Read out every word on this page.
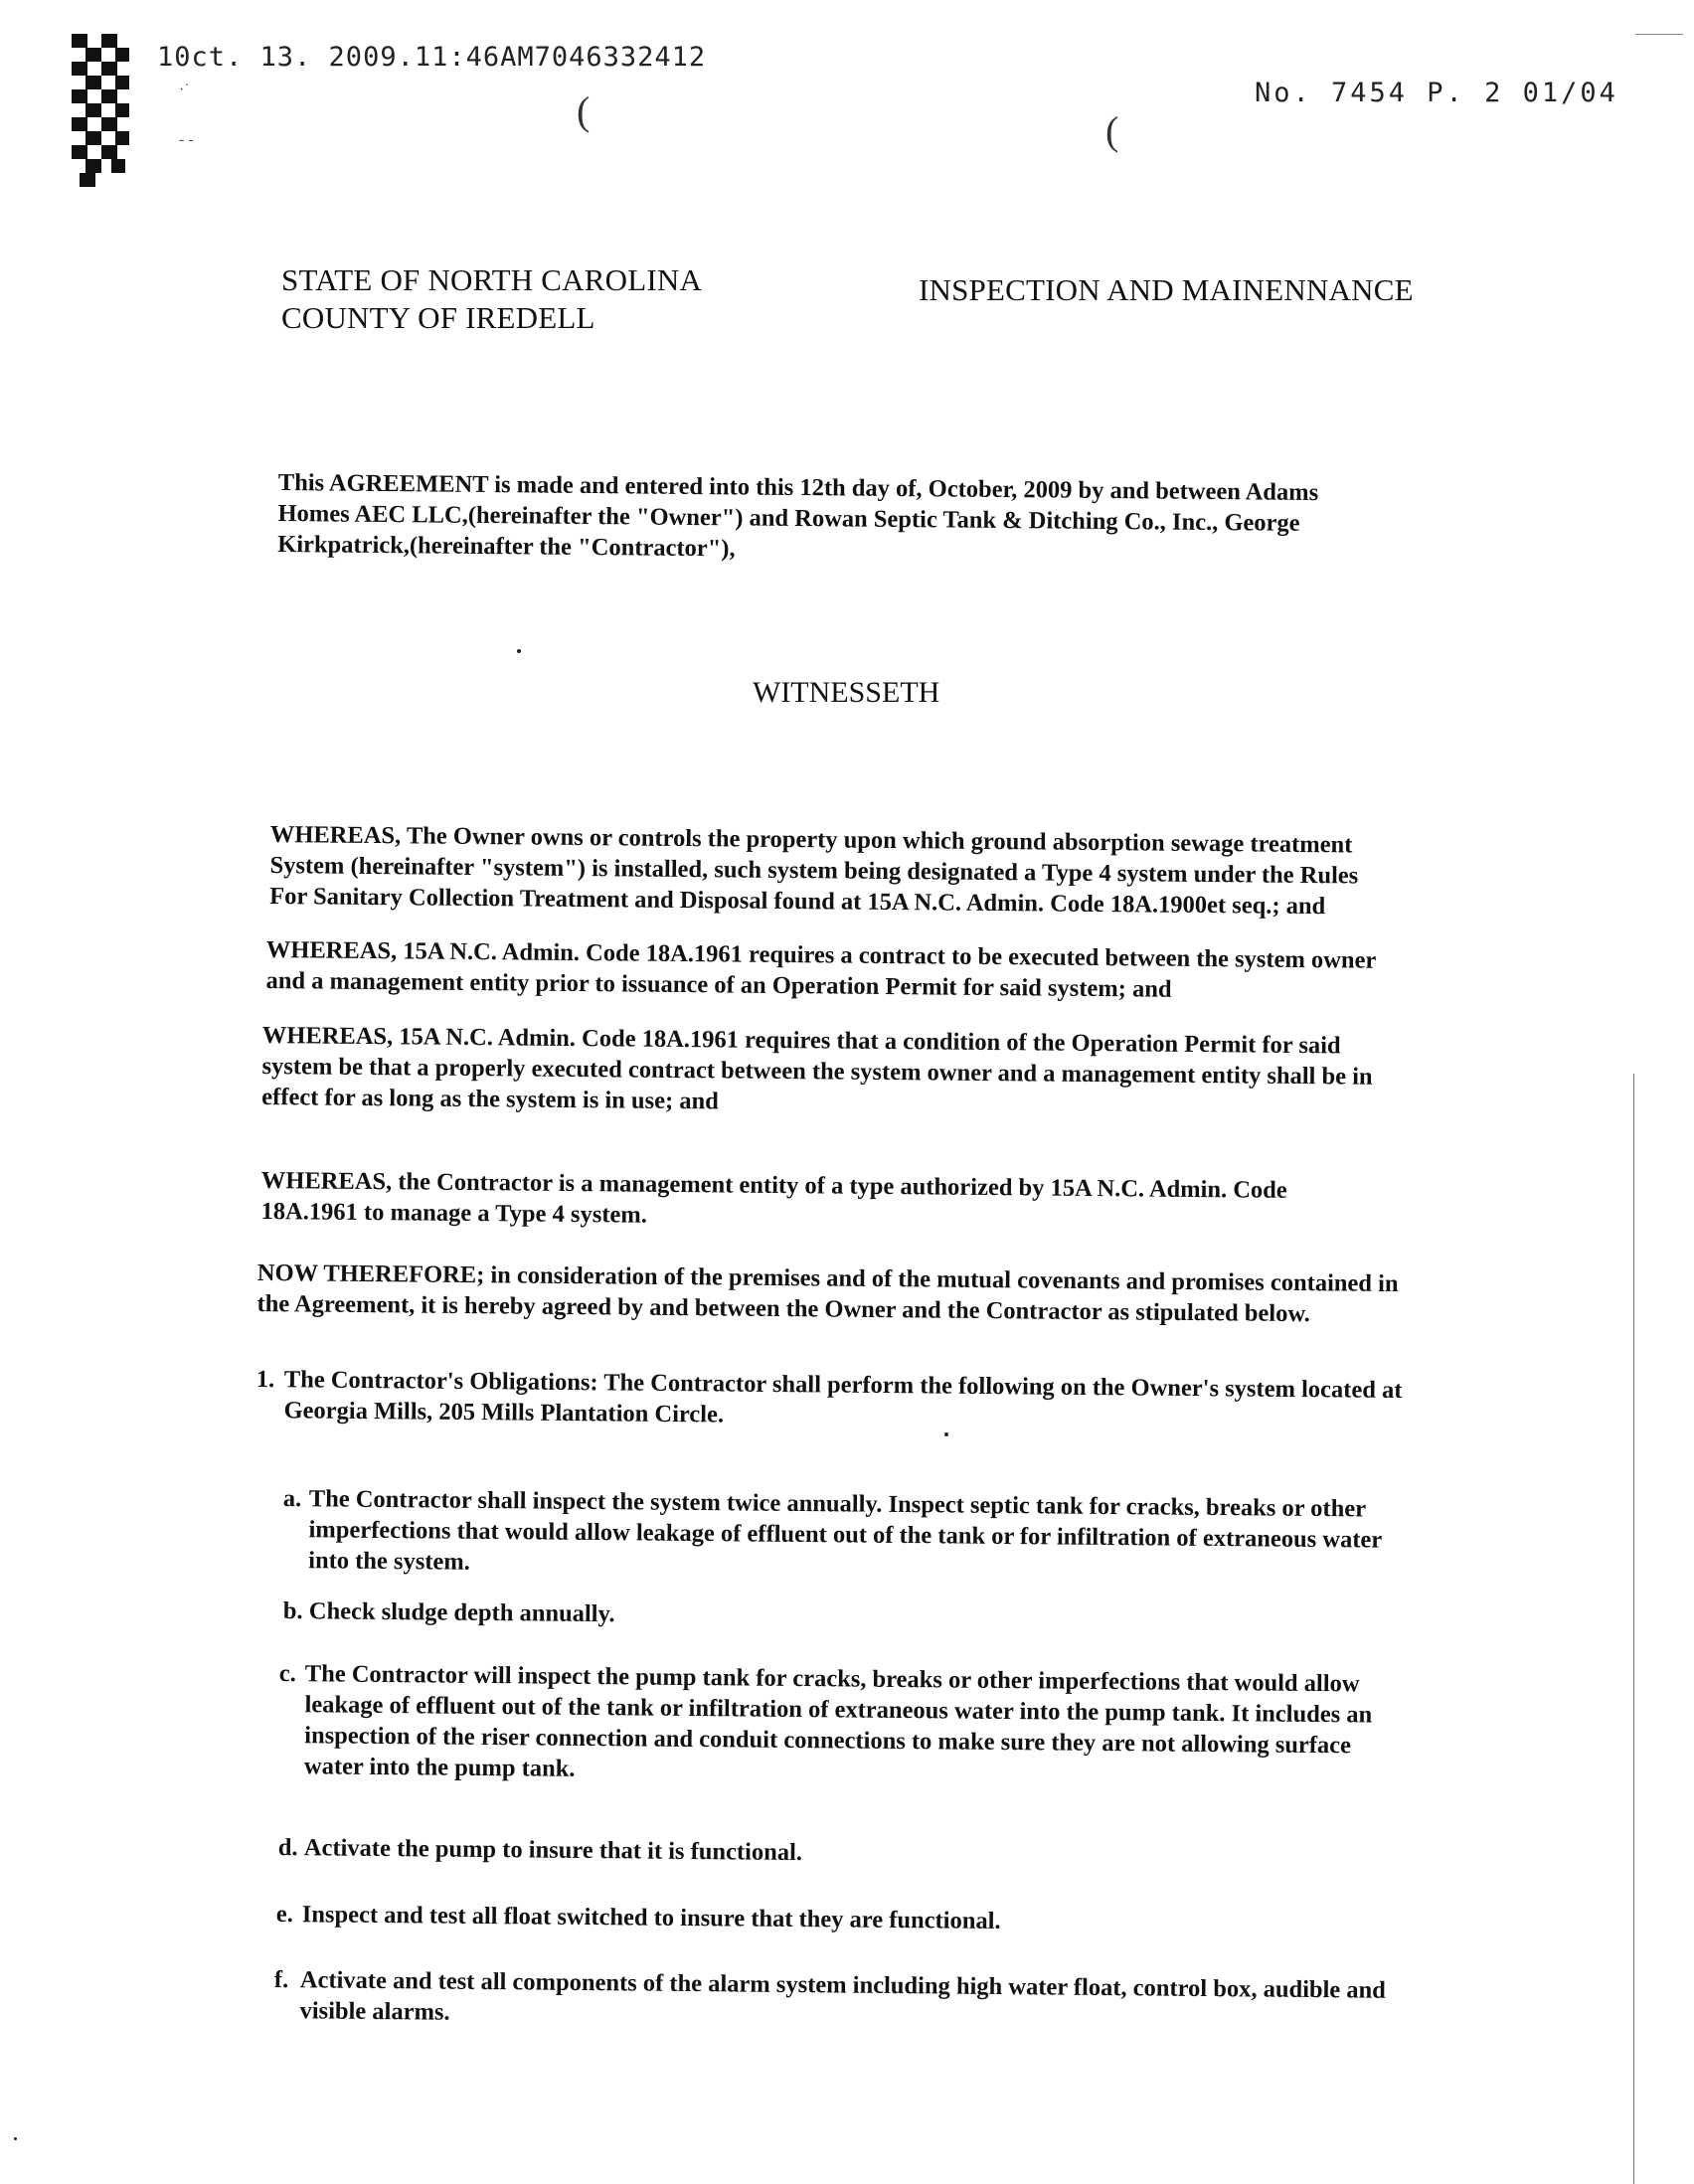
10ct. 13. 2009.11:46AM7046332412
No. 7454 P. 2 01/04
(	(
·˙
- -
STATE OF NORTH CAROLINA
COUNTY OF IREDELL
INSPECTION AND MAINENNANCE
This AGREEMENT is made and entered into this 12th day of, October, 2009 by and between Adams Homes AEC LLC,(hereinafter the "Owner") and Rowan Septic Tank & Ditching Co., Inc., George Kirkpatrick,(hereinafter the "Contractor"),
WITNESSETH
WHEREAS, The Owner owns or controls the property upon which ground absorption sewage treatment System (hereinafter "system") is installed, such system being designated a Type 4 system under the Rules For Sanitary Collection Treatment and Disposal found at 15A N.C. Admin. Code 18A.1900et seq.; and
WHEREAS, 15A N.C. Admin. Code 18A.1961 requires a contract to be executed between the system owner and a management entity prior to issuance of an Operation Permit for said system; and
WHEREAS, 15A N.C. Admin. Code 18A.1961 requires that a condition of the Operation Permit for said system be that a properly executed contract between the system owner and a management entity shall be in effect for as long as the system is in use; and
WHEREAS, the Contractor is a management entity of a type authorized by 15A N.C. Admin. Code 18A.1961 to manage a Type 4 system.
NOW THEREFORE; in consideration of the premises and of the mutual covenants and promises contained in the Agreement, it is hereby agreed by and between the Owner and the Contractor as stipulated below.
1. The Contractor's Obligations: The Contractor shall perform the following on the Owner's system located at Georgia Mills, 205 Mills Plantation Circle.
a. The Contractor shall inspect the system twice annually. Inspect septic tank for cracks, breaks or other imperfections that would allow leakage of effluent out of the tank or for infiltration of extraneous water into the system.
b. Check sludge depth annually.
c. The Contractor will inspect the pump tank for cracks, breaks or other imperfections that would allow leakage of effluent out of the tank or infiltration of extraneous water into the pump tank. It includes an inspection of the riser connection and conduit connections to make sure they are not allowing surface water into the pump tank.
d. Activate the pump to insure that it is functional.
e. Inspect and test all float switched to insure that they are functional.
f. Activate and test all components of the alarm system including high water float, control box, audible and visible alarms.
